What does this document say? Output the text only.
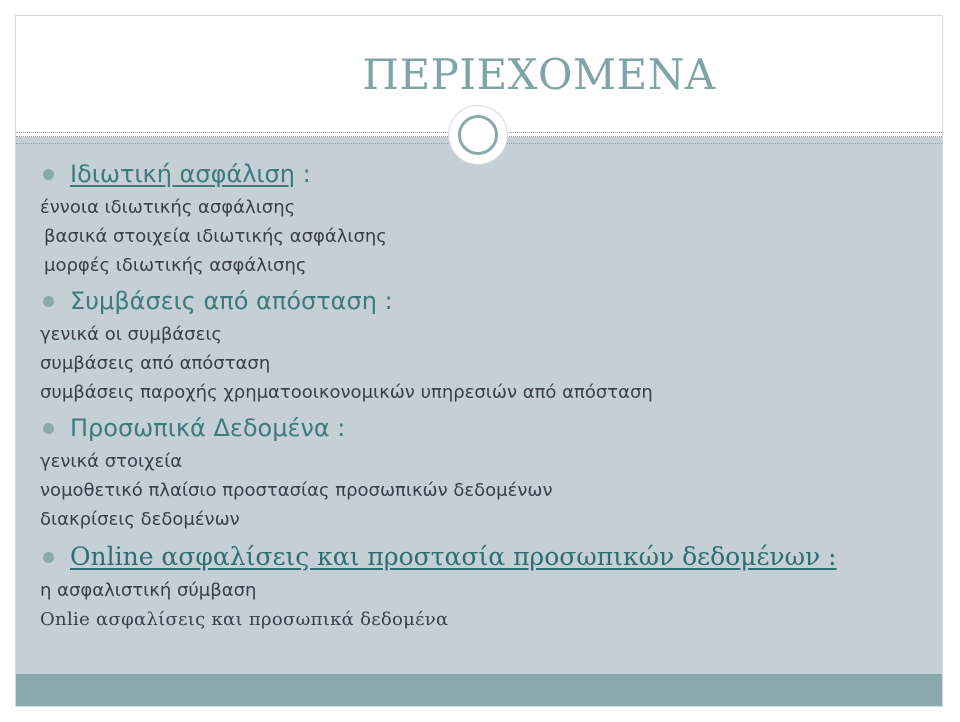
ΠΕΡΙΕΧΟΜΕΝΑ
Ιδιωτική ασφάλιση :
έννοια ιδιωτικής ασφάλισης
βασικά στοιχεία ιδιωτικής ασφάλισης
μορφές ιδιωτικής ασφάλισης
Συμβάσεις από απόσταση :
γενικά οι συμβάσεις
συμβάσεις από απόσταση
συμβάσεις παροχής χρηματοοικονομικών υπηρεσιών από απόσταση
Προσωπικά Δεδομένα :
γενικά στοιχεία
νομοθετικό πλαίσιο προστασίας προσωπικών δεδομένων
διακρίσεις δεδομένων
Online ασφαλίσεις και προστασία προσωπικών δεδομένων :
η ασφαλιστική σύμβαση
Onlie ασφαλίσεις και προσωπικά δεδομένα
